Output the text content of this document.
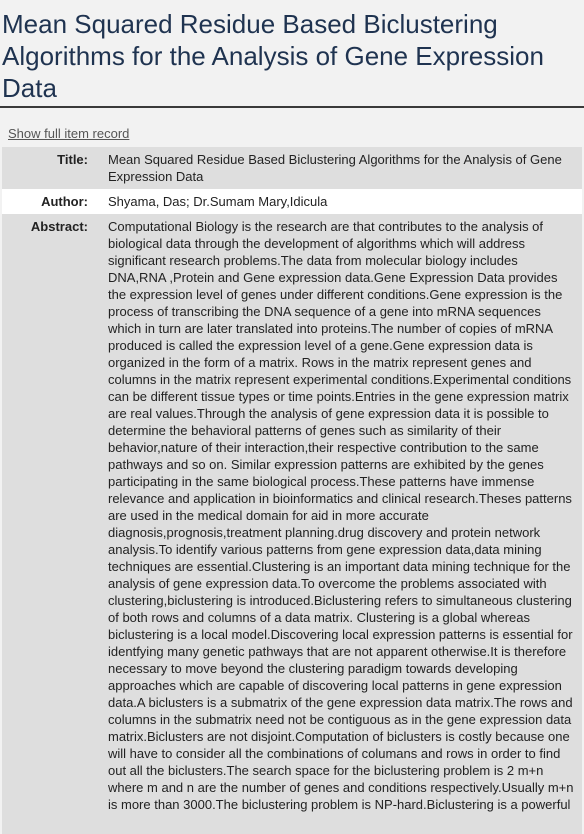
Mean Squared Residue Based Biclustering Algorithms for the Analysis of Gene Expression Data
Show full item record
Title:	Mean Squared Residue Based Biclustering Algorithms for the Analysis of Gene Expression Data
Author:	Shyama, Das; Dr.Sumam Mary,Idicula
Abstract:	Computational Biology is the research are that contributes to the analysis of biological data through the development of algorithms which will address significant research problems.The data from molecular biology includes DNA,RNA ,Protein and Gene expression data.Gene Expression Data provides the expression level of genes under different conditions.Gene expression is the process of transcribing the DNA sequence of a gene into mRNA sequences which in turn are later translated into proteins.The number of copies of mRNA produced is called the expression level of a gene.Gene expression data is organized in the form of a matrix. Rows in the matrix represent genes and columns in the matrix represent experimental conditions.Experimental conditions can be different tissue types or time points.Entries in the gene expression matrix are real values.Through the analysis of gene expression data it is possible to determine the behavioral patterns of genes such as similarity of their behavior,nature of their interaction,their respective contribution to the same pathways and so on. Similar expression patterns are exhibited by the genes participating in the same biological process.These patterns have immense relevance and application in bioinformatics and clinical research.Theses patterns are used in the medical domain for aid in more accurate diagnosis,prognosis,treatment planning.drug discovery and protein network analysis.To identify various patterns from gene expression data,data mining techniques are essential.Clustering is an important data mining technique for the analysis of gene expression data.To overcome the problems associated with clustering,biclustering is introduced.Biclustering refers to simultaneous clustering of both rows and columns of a data matrix. Clustering is a global whereas biclustering is a local model.Discovering local expression patterns is essential for identfying many genetic pathways that are not apparent otherwise.It is therefore necessary to move beyond the clustering paradigm towards developing approaches which are capable of discovering local patterns in gene expression data.A biclusters is a submatrix of the gene expression data matrix.The rows and columns in the submatrix need not be contiguous as in the gene expression data matrix.Biclusters are not disjoint.Computation of biclusters is costly because one will have to consider all the combinations of columans and rows in order to find out all the biclusters.The search space for the biclustering problem is 2 m+n where m and n are the number of genes and conditions respectively.Usually m+n is more than 3000.The biclustering problem is NP-hard.Biclustering is a powerful
